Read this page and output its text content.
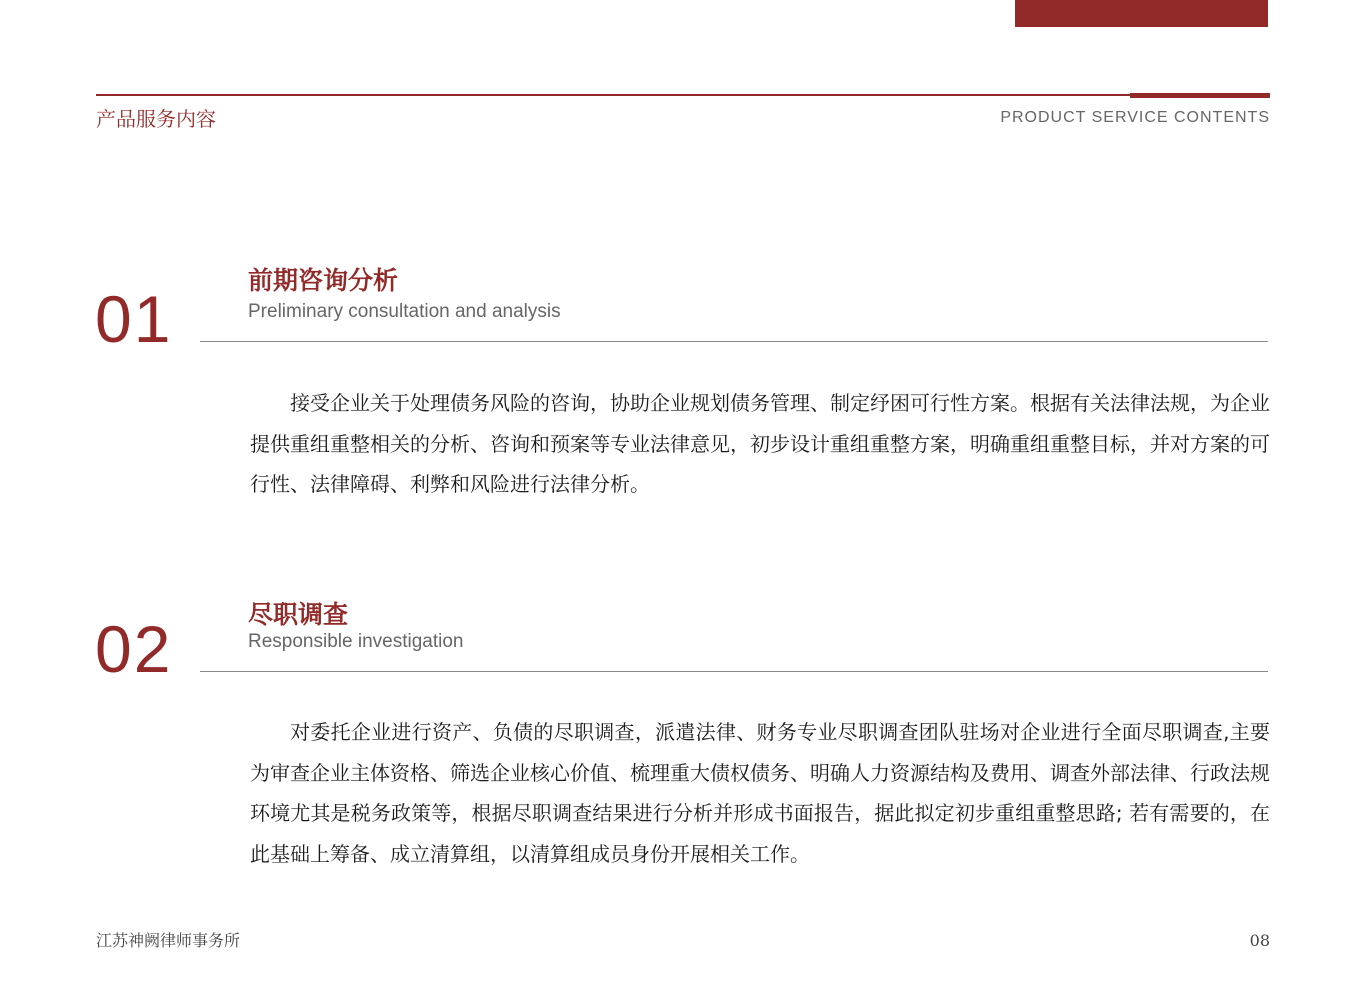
产品服务内容	PRODUCT SERVICE CONTENTS
01
前期咨询分析
Preliminary consultation and analysis
接受企业关于处理债务风险的咨询，协助企业规划债务管理、制定纾困可行性方案。根据有关法律法规，为企业提供重组重整相关的分析、咨询和预案等专业法律意见，初步设计重组重整方案，明确重组重整目标，并对方案的可行性、法律障碍、利弊和风险进行法律分析。
02	尽职调查
Responsible investigation
对委托企业进行资产、负债的尽职调查，派遣法律、财务专业尽职调查团队驻场对企业进行全面尽职调查,主要为审查企业主体资格、筛选企业核心价值、梳理重大债权债务、明确人力资源结构及费用、调查外部法律、行政法规环境尤其是税务政策等，根据尽职调查结果进行分析并形成书面报告，据此拟定初步重组重整思路; 若有需要的，在此基础上筹备、成立清算组，以清算组成员身份开展相关工作。
江苏神阙律师事务所	08
